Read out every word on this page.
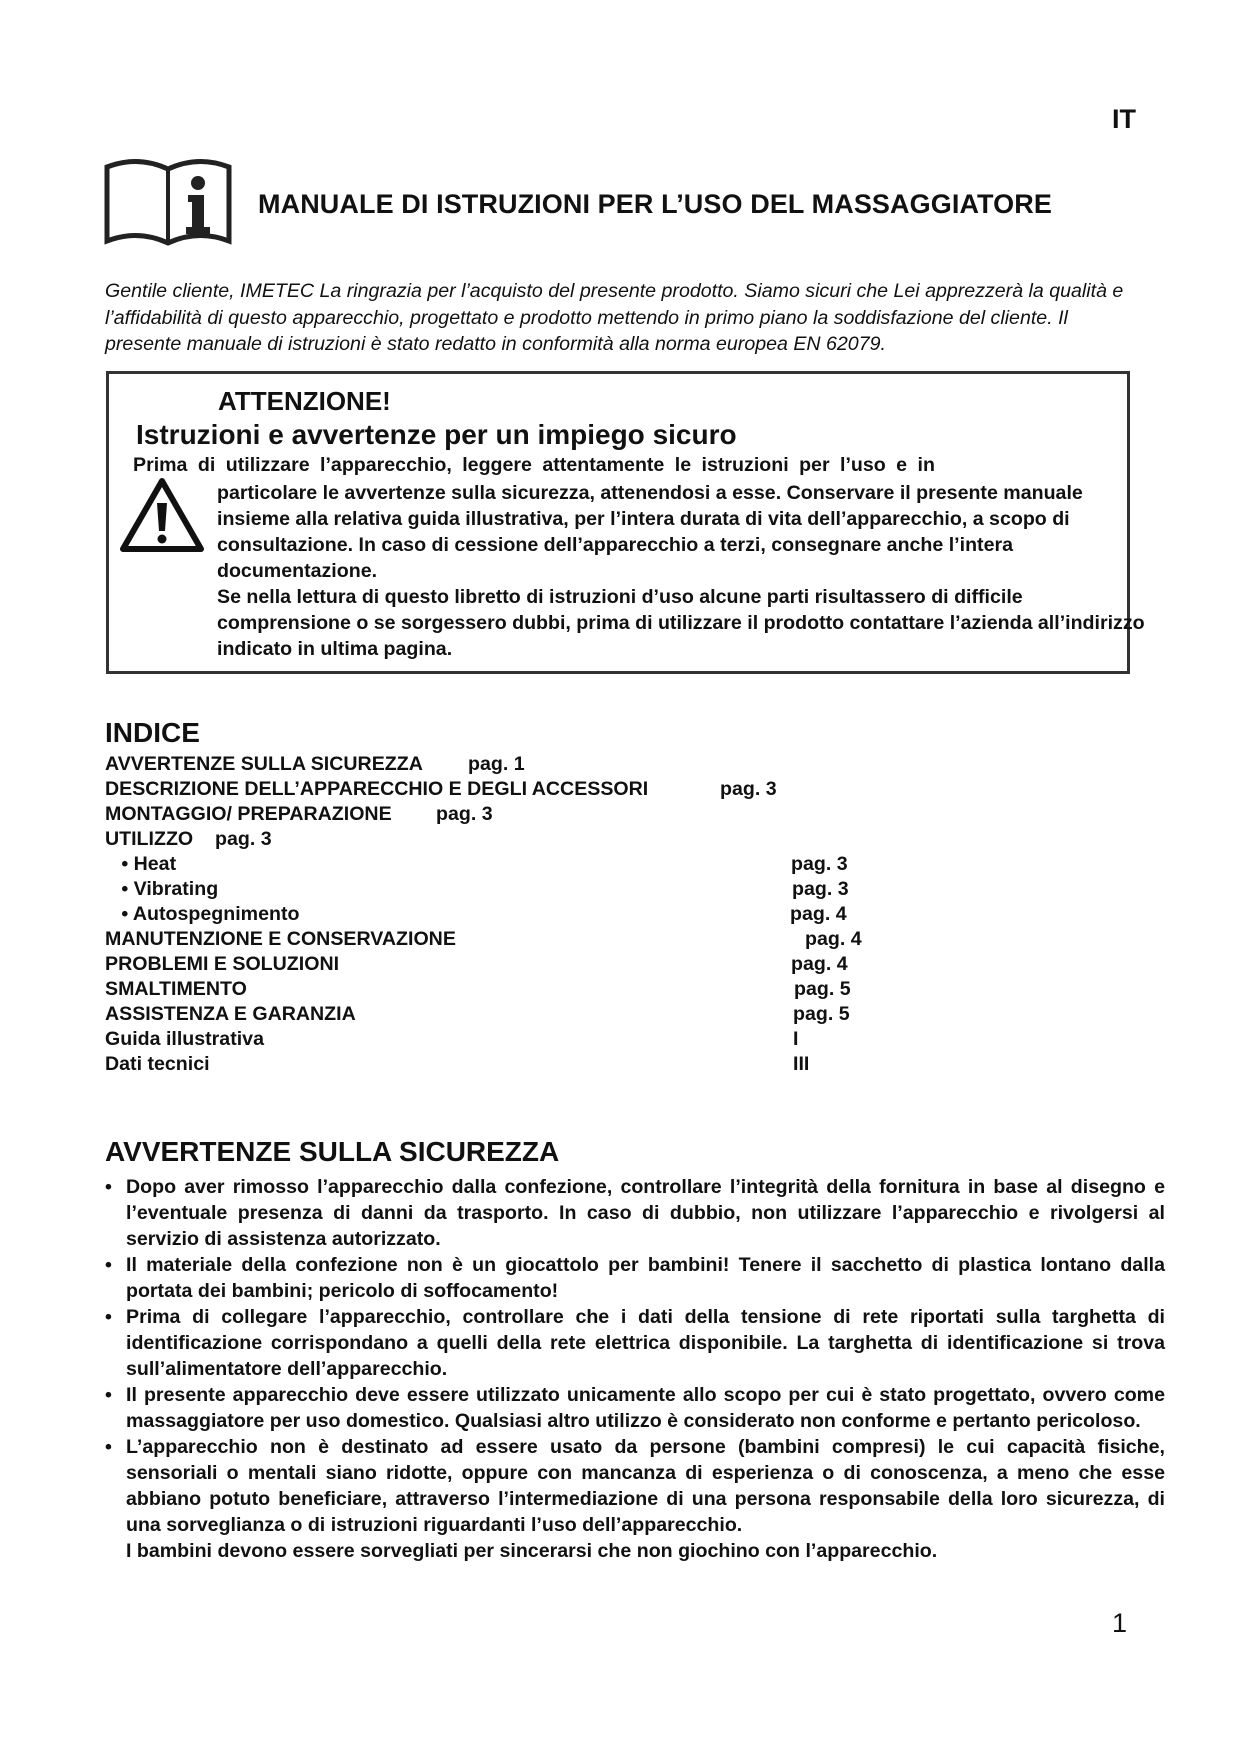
IT
MANUALE DI ISTRUZIONI PER L’USO DEL MASSAGGIATORE
Gentile cliente, IMETEC La ringrazia per l’acquisto del presente prodotto. Siamo sicuri che Lei apprezzerà la qualità e l’affidabilità di questo apparecchio, progettato e prodotto mettendo in primo piano la soddisfazione del cliente. Il presente manuale di istruzioni è stato redatto in conformità alla norma europea EN 62079.
ATTENZIONE!
Istruzioni e avvertenze per un impiego sicuro
Prima di utilizzare l’apparecchio, leggere attentamente le istruzioni per l’uso e in

particolare le avvertenze sulla sicurezza, attenendosi a esse. Conservare il presente manuale insieme alla relativa guida illustrativa, per l’intera durata di vita dell’apparecchio, a scopo di consultazione. In caso di cessione dell’apparecchio a terzi, consegnare anche l’intera documentazione.

Se nella lettura di questo libretto di istruzioni d’uso alcune parti risultassero di difficile comprensione o se sorgessero dubbi, prima di utilizzare il prodotto contattare l’azienda all’indirizzo indicato in ultima pagina.

INDICE
AVVERTENZE SULLA SICUREZZA pag. 1
DESCRIZIONE DELL’APPARECCHIO E DEGLI ACCESSORI	pag. 3
MONTAGGIO/ PREPARAZIONE pag. 3
UTILIZZO pag. 3
• Heat	pag. 3
• Vibrating	pag. 3
• Autospegnimento	pag. 4
MANUTENZIONE E CONSERVAZIONE	pag. 4
PROBLEMI E SOLUZIONI	pag. 4
SMALTIMENTO	pag. 5
ASSISTENZA E GARANZIA	pag. 5
Guida illustrativa	I
Dati tecnici	III
AVVERTENZE SULLA SICUREZZA
• Dopo aver rimosso l’apparecchio dalla confezione, controllare l’integrità della fornitura in base al disegno e l’eventuale presenza di danni da trasporto. In caso di dubbio, non utilizzare l’apparecchio e rivolgersi al servizio di assistenza autorizzato.
• Il materiale della confezione non è un giocattolo per bambini! Tenere il sacchetto di plastica lontano dalla portata dei bambini; pericolo di soffocamento!
• Prima di collegare l’apparecchio, controllare che i dati della tensione di rete riportati sulla targhetta di identificazione corrispondano a quelli della rete elettrica disponibile. La targhetta di identificazione si trova sull’alimentatore dell’apparecchio.
• Il presente apparecchio deve essere utilizzato unicamente allo scopo per cui è stato progettato, ovvero come massaggiatore per uso domestico. Qualsiasi altro utilizzo è considerato non conforme e pertanto pericoloso.
• L’apparecchio non è destinato ad essere usato da persone (bambini compresi) le cui capacità fisiche, sensoriali o mentali siano ridotte, oppure con mancanza di esperienza o di conoscenza, a meno che esse abbiano potuto beneficiare, attraverso l’intermediazione di una persona responsabile della loro sicurezza, di una sorveglianza o di istruzioni riguardanti l’uso dell’apparecchio.
I bambini devono essere sorvegliati per sincerarsi che non giochino con l’apparecchio.
1
